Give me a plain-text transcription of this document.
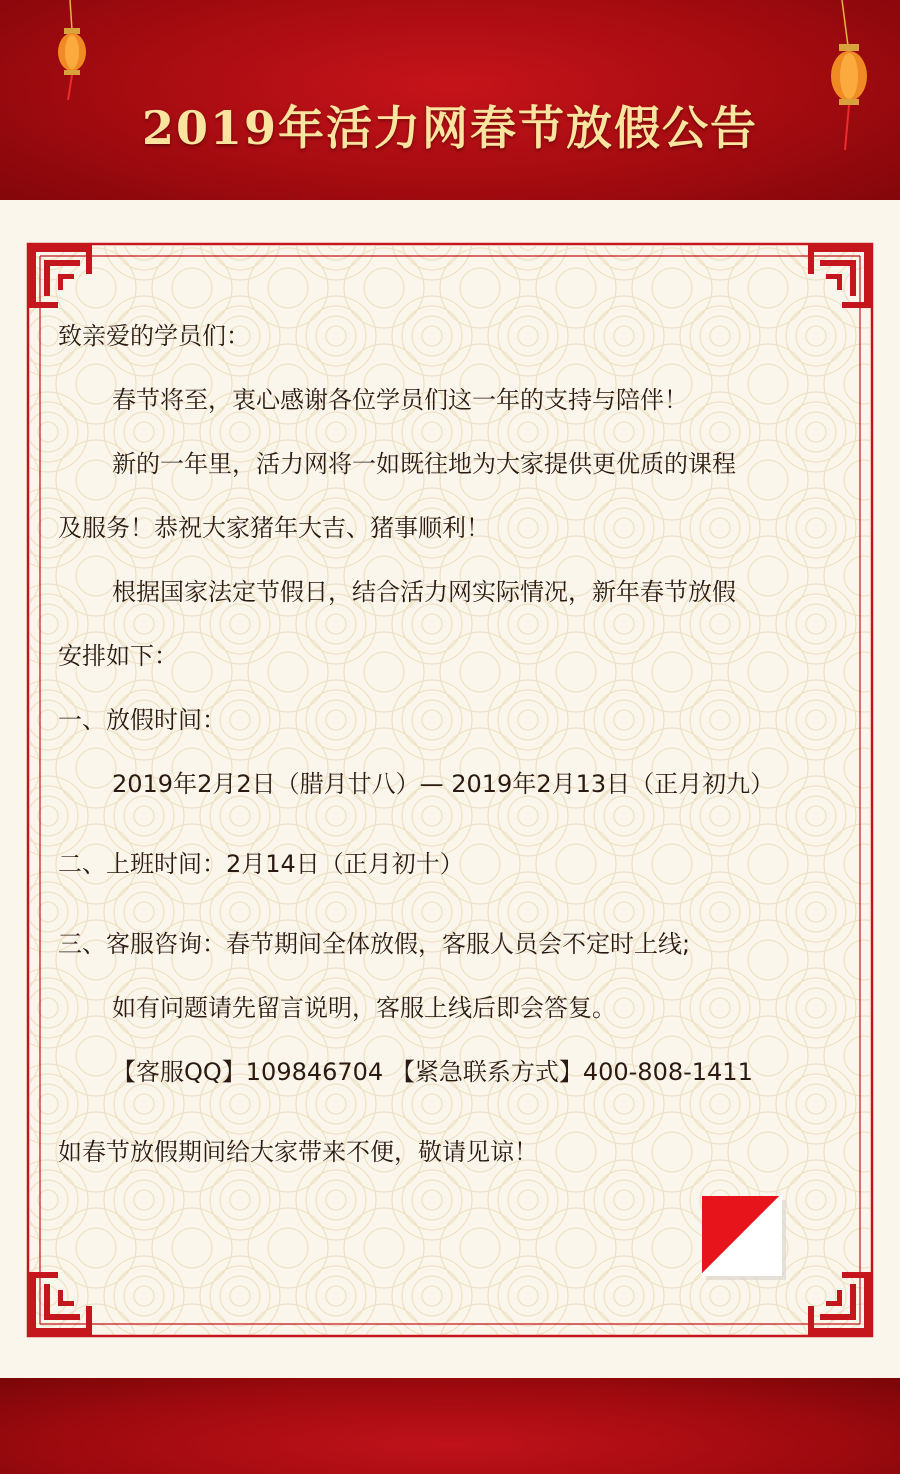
2019年活力网春节放假公告
致亲爱的学员们：
春节将至，衷心感谢各位学员们这一年的支持与陪伴！
新的一年里，活力网将一如既往地为大家提供更优质的课程
及服务！恭祝大家猪年大吉、猪事顺利！
根据国家法定节假日，结合活力网实际情况，新年春节放假
安排如下：
一、放假时间：
2019年2月2日（腊月廿八）— 2019年2月13日（正月初九）
二、上班时间：2月14日（正月初十）
三、客服咨询：春节期间全体放假，客服人员会不定时上线;
如有问题请先留言说明，客服上线后即会答复。
【客服QQ】109846704 【紧急联系方式】400-808-1411
如春节放假期间给大家带来不便，敬请见谅！
